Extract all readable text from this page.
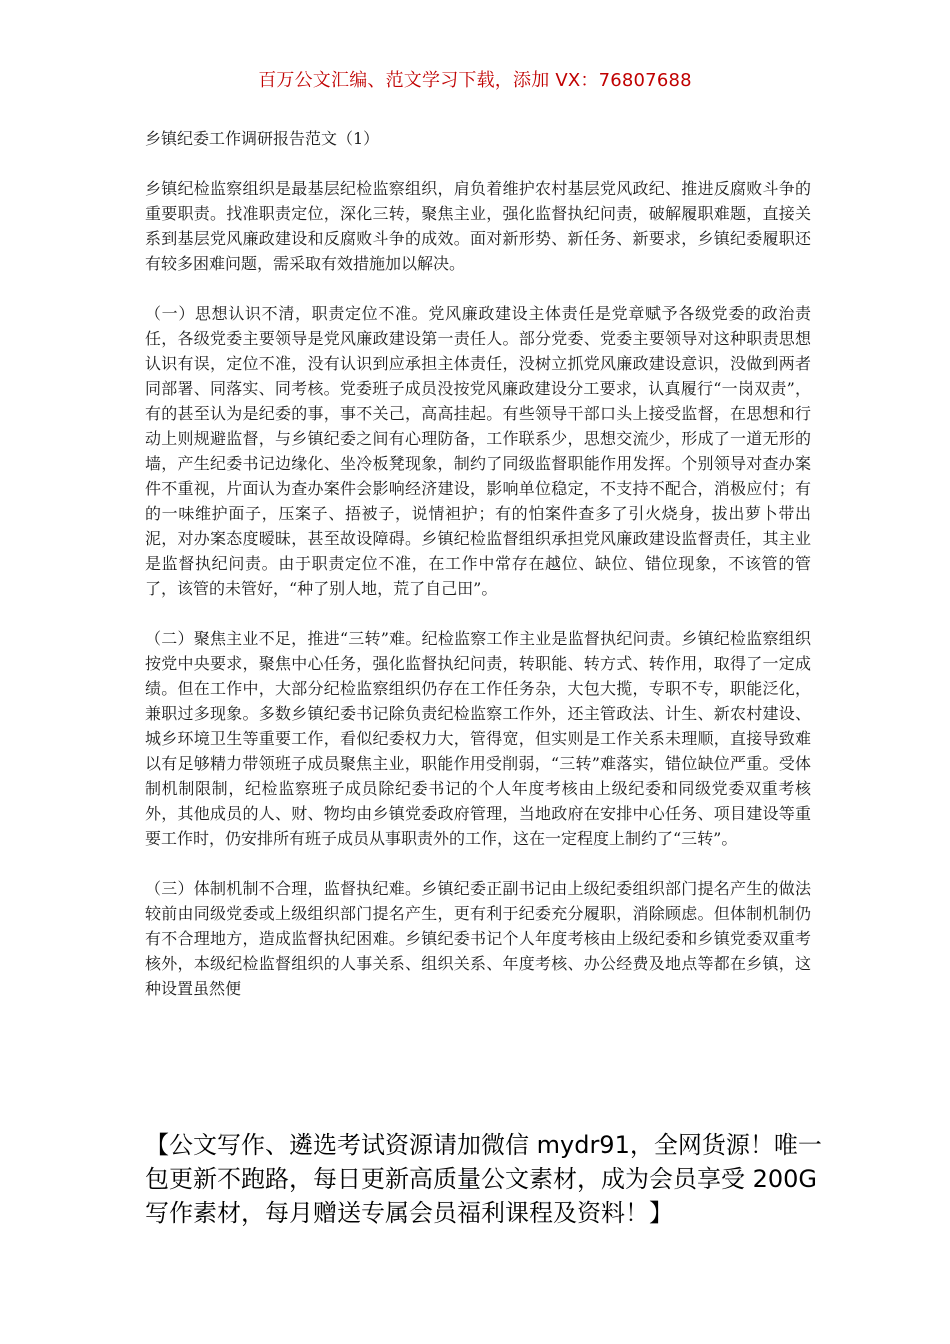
百万公文汇编、范文学习下载，添加 VX：76807688

乡镇纪委工作调研报告范文（1）

乡镇纪检监察组织是最基层纪检监察组织，肩负着维护农村基层党风政纪、推进反腐败斗争的重要职责。找准职责定位，深化三转，聚焦主业，强化监督执纪问责，破解履职难题，直接关系到基层党风廉政建设和反腐败斗争的成效。面对新形势、新任务、新要求，乡镇纪委履职还有较多困难问题，需采取有效措施加以解决。

（一）思想认识不清，职责定位不准。党风廉政建设主体责任是党章赋予各级党委的政治责任，各级党委主要领导是党风廉政建设第一责任人。部分党委、党委主要领导对这种职责思想认识有误，定位不准，没有认识到应承担主体责任，没树立抓党风廉政建设意识，没做到两者同部署、同落实、同考核。党委班子成员没按党风廉政建设分工要求，认真履行“一岗双责”，有的甚至认为是纪委的事，事不关己，高高挂起。有些领导干部口头上接受监督，在思想和行动上则规避监督，与乡镇纪委之间有心理防备，工作联系少，思想交流少，形成了一道无形的墙，产生纪委书记边缘化、坐冷板凳现象，制约了同级监督职能作用发挥。个别领导对查办案件不重视，片面认为查办案件会影响经济建设，影响单位稳定，不支持不配合，消极应付；有的一味维护面子，压案子、捂被子，说情袒护；有的怕案件查多了引火烧身，拔出萝卜带出泥，对办案态度暧昧，甚至故设障碍。乡镇纪检监督组织承担党风廉政建设监督责任，其主业是监督执纪问责。由于职责定位不准，在工作中常存在越位、缺位、错位现象，不该管的管了，该管的未管好，“种了别人地，荒了自己田”。

（二）聚焦主业不足，推进“三转”难。纪检监察工作主业是监督执纪问责。乡镇纪检监察组织按党中央要求，聚焦中心任务，强化监督执纪问责，转职能、转方式、转作用，取得了一定成绩。但在工作中，大部分纪检监察组织仍存在工作任务杂，大包大揽，专职不专，职能泛化，兼职过多现象。多数乡镇纪委书记除负责纪检监察工作外，还主管政法、计生、新农村建设、城乡环境卫生等重要工作，看似纪委权力大，管得宽，但实则是工作关系未理顺，直接导致难以有足够精力带领班子成员聚焦主业，职能作用受削弱，“三转”难落实，错位缺位严重。受体制机制限制，纪检监察班子成员除纪委书记的个人年度考核由上级纪委和同级党委双重考核外，其他成员的人、财、物均由乡镇党委政府管理，当地政府在安排中心任务、项目建设等重要工作时，仍安排所有班子成员从事职责外的工作，这在一定程度上制约了“三转”。

（三）体制机制不合理，监督执纪难。乡镇纪委正副书记由上级纪委组织部门提名产生的做法较前由同级党委或上级组织部门提名产生，更有利于纪委充分履职，消除顾虑。但体制机制仍有不合理地方，造成监督执纪困难。乡镇纪委书记个人年度考核由上级纪委和乡镇党委双重考核外，本级纪检监督组织的人事关系、组织关系、年度考核、办公经费及地点等都在乡镇，这种设置虽然便

【公文写作、遴选考试资源请加微信 mydr91，全网货源！唯一包更新不跑路，每日更新高质量公文素材，成为会员享受 200G 写作素材，每月赠送专属会员福利课程及资料！】
